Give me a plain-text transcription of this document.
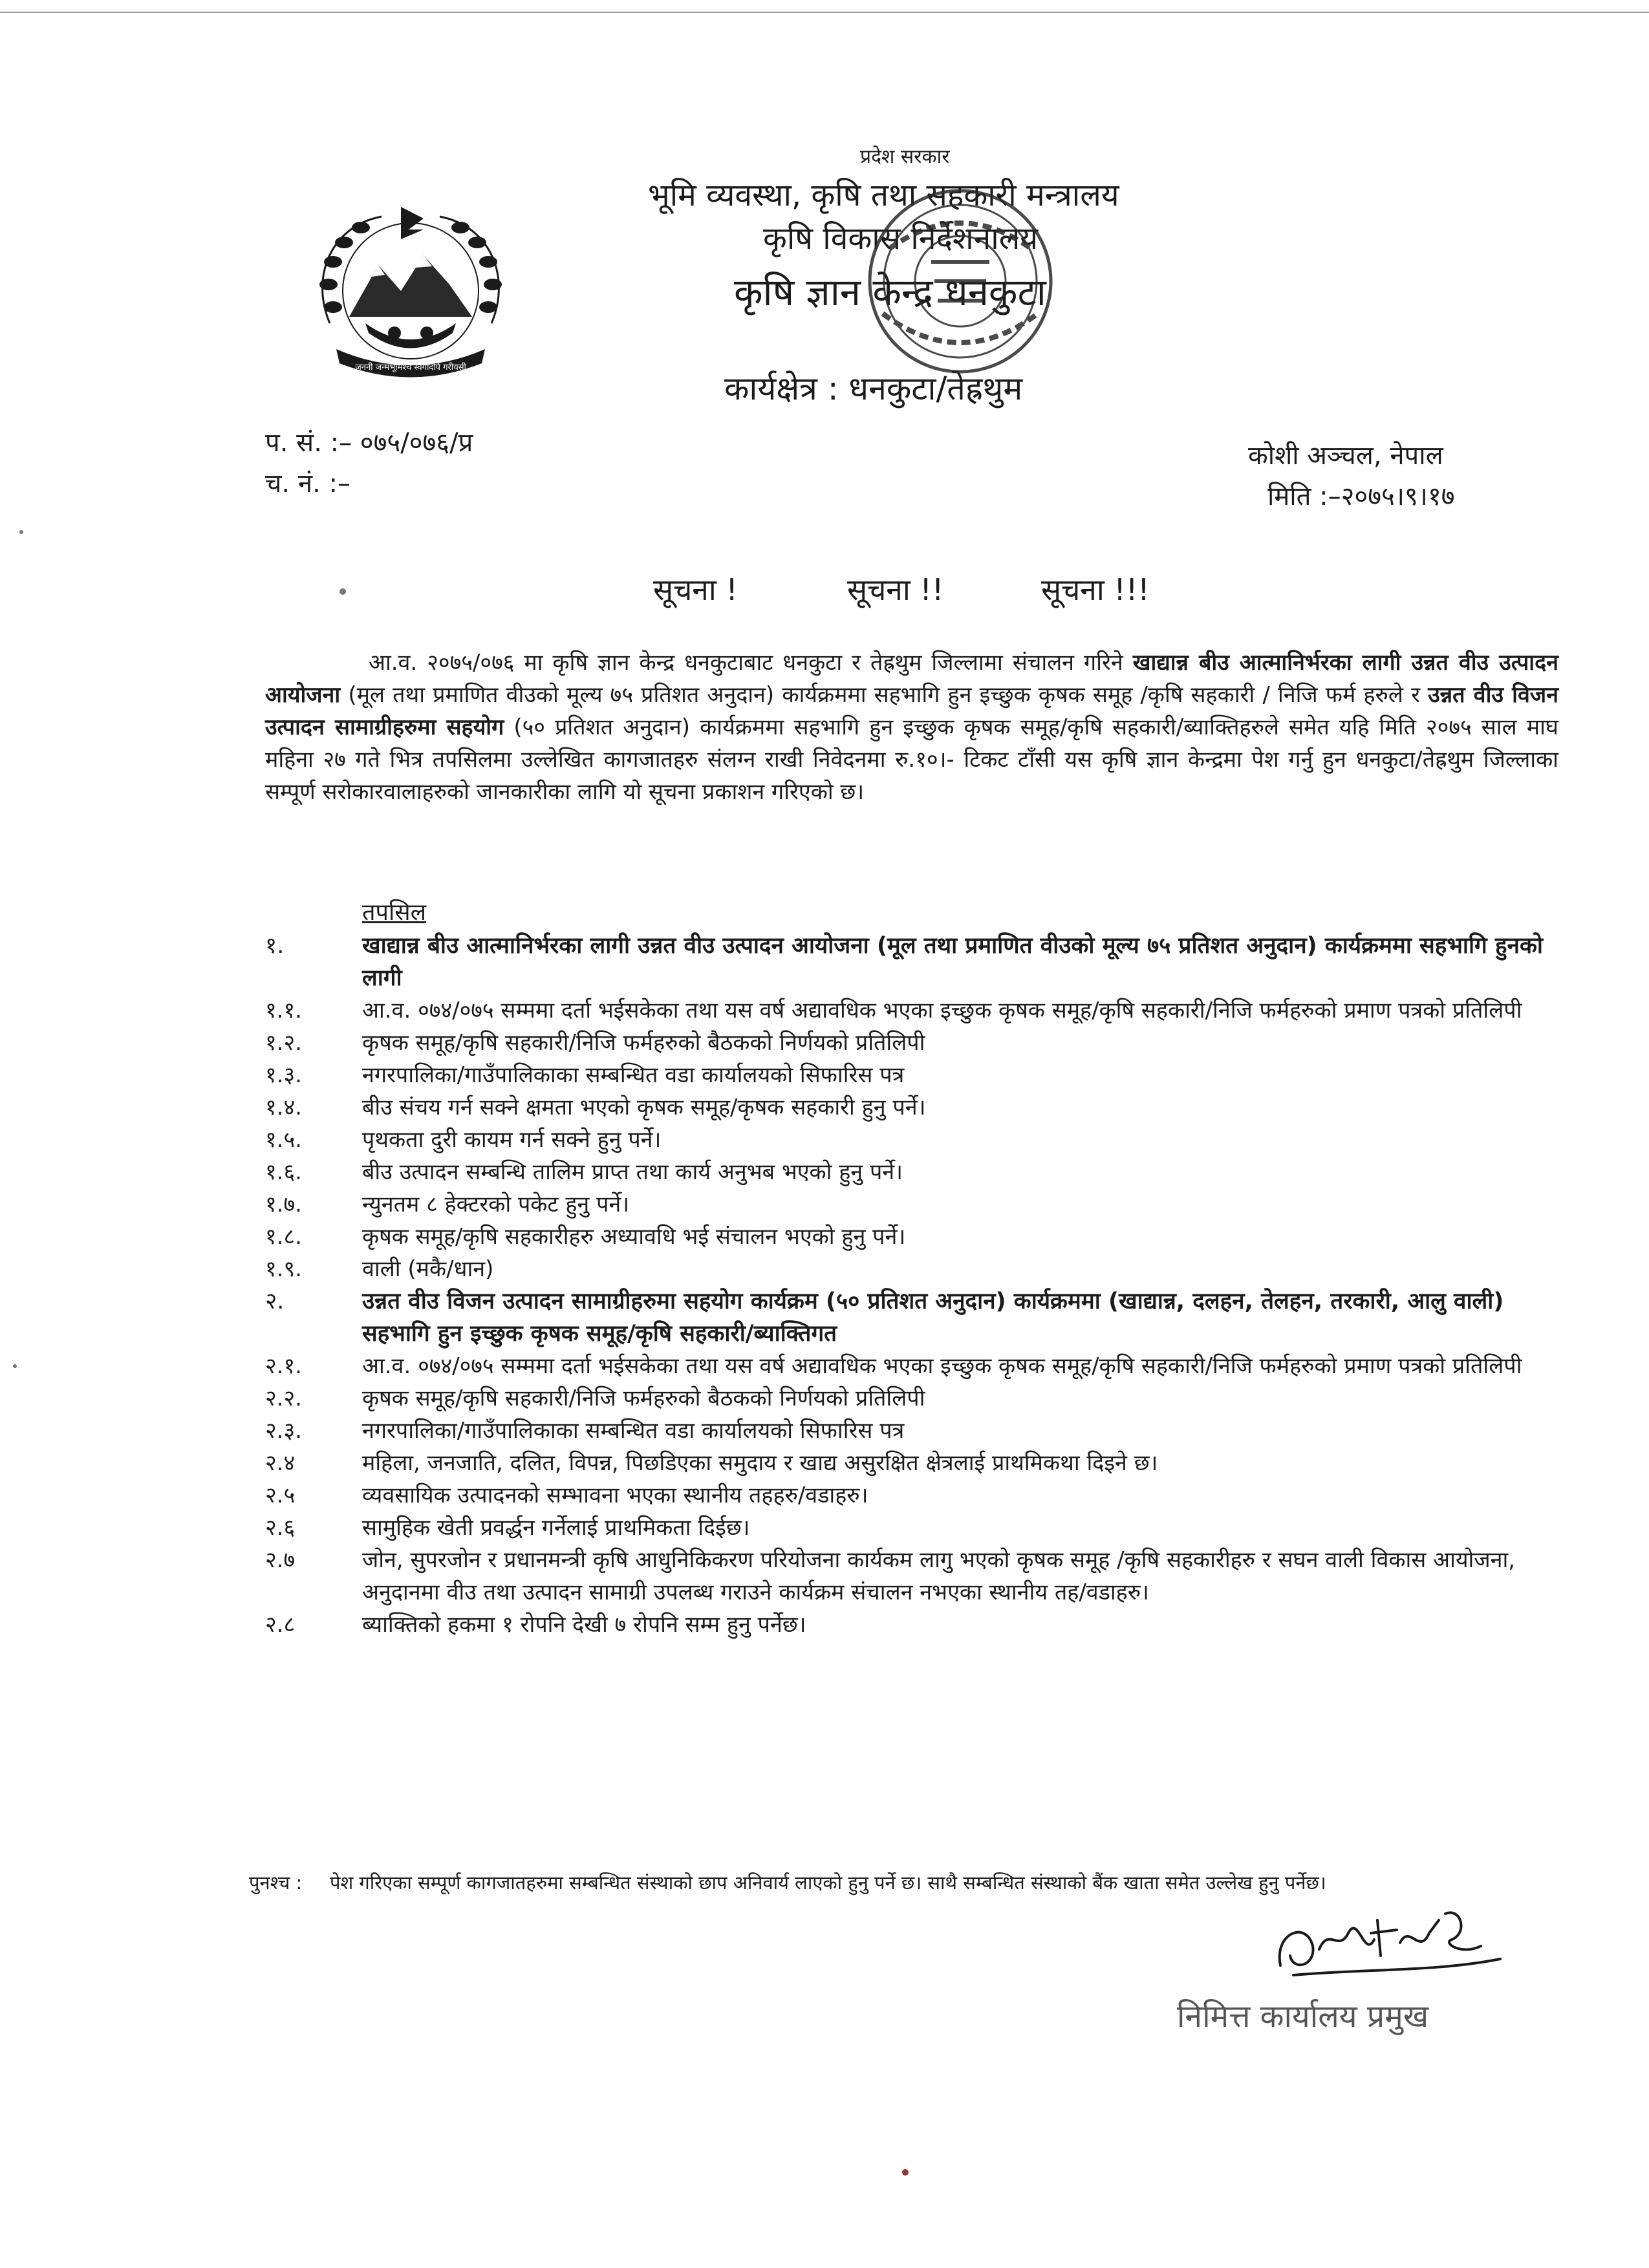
जननी जन्मभूमिश्च स्वर्गादपि गरीयसी
प्रदेश सरकार
भूमि व्यवस्था, कृषि तथा सहकारी मन्त्रालय
कृषि विकास निर्देशनालय
कृषि ज्ञान केन्द्र धनकुटा
कार्यक्षेत्र : धनकुटा/तेह्रथुम
प. सं. :– ०७५/०७६/प्र
च. नं. :–
कोशी अञ्चल, नेपाल
मिति :–२०७५।९।१७
सूचना !	सूचना !!	सूचना !!!
आ.व. २०७५/०७६ मा कृषि ज्ञान केन्द्र धनकुटाबाट धनकुटा र तेह्रथुम जिल्लामा संचालन गरिने खाद्यान्न बीउ आत्मानिर्भरका लागी उन्नत वीउ उत्पादन आयोजना (मूल तथा प्रमाणित वीउको मूल्य ७५ प्रतिशत अनुदान) कार्यक्रममा सहभागि हुन इच्छुक कृषक समूह /कृषि सहकारी / निजि फर्म हरुले र उन्नत वीउ विजन उत्पादन सामाग्रीहरुमा सहयोग (५० प्रतिशत अनुदान) कार्यक्रममा सहभागि हुन इच्छुक कृषक समूह/कृषि सहकारी/ब्याक्तिहरुले समेत यहि मिति २०७५ साल माघ महिना २७ गते भित्र तपसिलमा उल्लेखित कागजातहरु संलग्न राखी निवेदनमा रु.१०।- टिकट टाँसी यस कृषि ज्ञान केन्द्रमा पेश गर्नु हुन धनकुटा/तेह्रथुम जिल्लाका सम्पूर्ण सरोकारवालाहरुको जानकारीका लागि यो सूचना प्रकाशन गरिएको छ।
तपसिल
१.	खाद्यान्न बीउ आत्मानिर्भरका लागी उन्नत वीउ उत्पादन आयोजना (मूल तथा प्रमाणित वीउको मूल्य ७५ प्रतिशत अनुदान) कार्यक्रममा सहभागि हुनको लागी
१.१.	आ.व. ०७४/०७५ सम्ममा दर्ता भईसकेका तथा यस वर्ष अद्यावधिक भएका इच्छुक कृषक समूह/कृषि सहकारी/निजि फर्महरुको प्रमाण पत्रको प्रतिलिपी
१.२.	कृषक समूह/कृषि सहकारी/निजि फर्महरुको बैठकको निर्णयको प्रतिलिपी
१.३.	नगरपालिका/गाउँपालिकाका सम्बन्धित वडा कार्यालयको सिफारिस पत्र
१.४.	बीउ संचय गर्न सक्ने क्षमता भएको कृषक समूह/कृषक सहकारी हुनु पर्ने।
१.५.	पृथकता दुरी कायम गर्न सक्ने हुनु पर्ने।
१.६.	बीउ उत्पादन सम्बन्धि तालिम प्राप्त तथा कार्य अनुभब भएको हुनु पर्ने।
१.७.	न्युनतम ८ हेक्टरको पकेट हुनु पर्ने।
१.८.	कृषक समूह/कृषि सहकारीहरु अध्यावधि भई संचालन भएको हुनु पर्ने।
१.९.	वाली (मकै/धान)
२.	उन्नत वीउ विजन उत्पादन सामाग्रीहरुमा सहयोग कार्यक्रम (५० प्रतिशत अनुदान) कार्यक्रममा (खाद्यान्न, दलहन, तेलहन, तरकारी, आलु वाली) सहभागि हुन इच्छुक कृषक समूह/कृषि सहकारी/ब्याक्तिगत
२.१.	आ.व. ०७४/०७५ सम्ममा दर्ता भईसकेका तथा यस वर्ष अद्यावधिक भएका इच्छुक कृषक समूह/कृषि सहकारी/निजि फर्महरुको प्रमाण पत्रको प्रतिलिपी
२.२.	कृषक समूह/कृषि सहकारी/निजि फर्महरुको बैठकको निर्णयको प्रतिलिपी
२.३.	नगरपालिका/गाउँपालिकाका सम्बन्धित वडा कार्यालयको सिफारिस पत्र
२.४	महिला, जनजाति, दलित, विपन्न, पिछडिएका समुदाय र खाद्य असुरक्षित क्षेत्रलाई प्राथमिकथा दिइने छ।
२.५	व्यवसायिक उत्पादनको सम्भावना भएका स्थानीय तहहरु/वडाहरु।
२.६	सामुहिक खेती प्रवर्द्धन गर्नेलाई प्राथमिकता दिईछ।
२.७	जोन, सुपरजोन र प्रधानमन्त्री कृषि आधुनिकिकरण परियोजना कार्यकम लागु भएको कृषक समूह /कृषि सहकारीहरु र सघन वाली विकास आयोजना, अनुदानमा वीउ तथा उत्पादन सामाग्री उपलब्ध गराउने कार्यक्रम संचालन नभएका स्थानीय तह/वडाहरु।
२.८	ब्याक्तिको हकमा १ रोपनि देखी ७ रोपनि सम्म हुनु पर्नेछ।
पुनश्च : पेश गरिएका सम्पूर्ण कागजातहरुमा सम्बन्धित संस्थाको छाप अनिवार्य लाएको हुनु पर्ने छ। साथै सम्बन्धित संस्थाको बैंक खाता समेत उल्लेख हुनु पर्नेछ।
निमित्त कार्यालय प्रमुख
